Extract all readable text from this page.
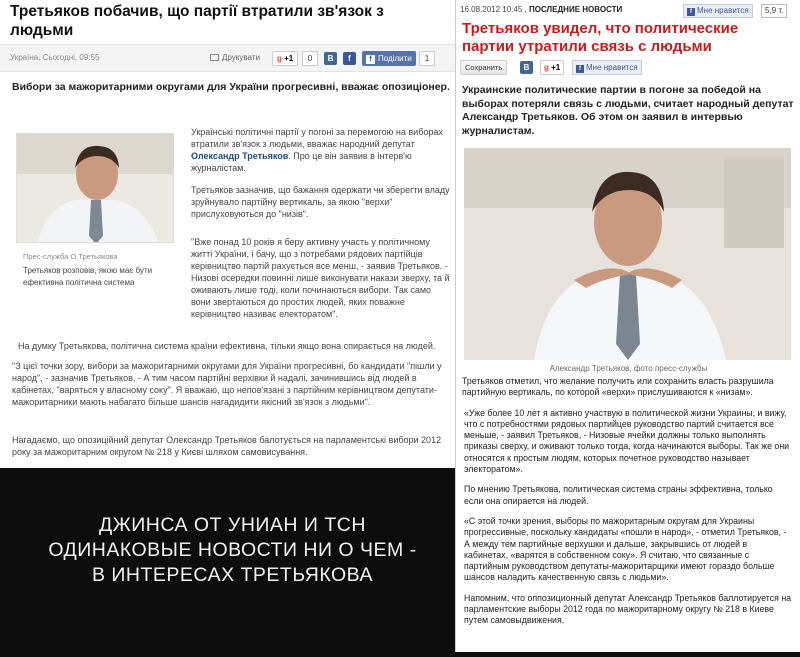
Третьяков побачив, що партії втратили зв'язок з людьми
Україна, Сьогодні, 09:55	Друкувати	g +1	0	В	f	f Поділити	1
Вибори за мажоритарними округами для України прогресивні, вважає опозиціонер.
Прес-служба О.Третьякова
Третьяков розповів, якою має бути ефективна політична система

Українські політичні партії у погоні за перемогою на виборах втратили зв'язок з людьми, вважає народний депутат Олександр Третьяков. Про це він заявив в інтерв'ю журналістам.

Третьяков зазначив, що бажання одержати чи зберегти владу зруйнувало партійну вертикаль, за якою "верхи" прислуховуються до "низів".

"Вже понад 10 років я беру активну участь у політичному житті України, і бачу, що з потребами рядових партійців керівництво партій рахується все менш, - заявив Третьяков. - Низові осередки повинні лише виконувати накази зверху, та й оживають лише тоді, коли починаються вибори. Так само вони звертаються до простих людей, яких поважне керівництво називає електоратом".
На думку Третьякова, політична система країни ефективна, тільки якщо вона спирається на людей.
"З цієї точки зору, вибори за мажоритарними округами для України прогресивні, бо кандидати "пішли у народ", - зазначив Третьяков, - А тим часом партійні верхівки й надалі, зачинившись від людей в кабінетах, "варяться у власному соку". Я вважаю, що непов'язані з партійним керівництвом депутати-мажоритарники мають набагато більше шансів нагадидити якісний зв'язок з людьми".
Нагадаємо, що опозиційний депутат Олександр Третьяков балотується на парламентські вибори 2012 року за мажоритарним округом № 218 у Києві шляхом самовисування.
16.08.2012 10:45 , ПОСЛЕДНИЕ НОВОСТИ	f Мне нравится	5,9 т.
Третьяков увидел, что политические партии утратили связь с людьми
Сохранить	В	g +1	f Мне нравится
Украинские политические партии в погоне за победой на выборах потеряли связь с людьми, считает народный депутат Александр Третьяков. Об этом он заявил в интервью журналистам.
Александр Третьяков, фото пресс-службы

Третьяков отметил, что желание получить или сохранить власть разрушила партийную вертикаль, по которой «верхи» прислушиваются к «низам».

«Уже более 10 лет я активно участвую в политической жизни Украины, и вижу, что с потребностями рядовых партийцев руководство партий считается все меньше, - заявил Третьяков, - Низовые ячейки должны только выполнять приказы сверху, и оживают только тогда, когда начинаются выборы. Так же они относятся к простым людям, которых почетное руководство называет электоратом».

По мнению Третьякова, политическая система страны эффективна, только если она опирается на людей.

«С этой точки зрения, выборы по мажоритарным округам для Украины прогрессивные, поскольку кандидаты «пошли в народ», - отметил Третьяков, - А между тем партийные верхушки и дальше, закрывшись от людей в кабинетах, «варятся в собственном соку». Я считаю, что связанные с партийным руководством депутаты-мажоритарщики имеют гораздо больше шансов наладить качественную связь с людьми».

Напомним, что оппозиционный депутат Александр Третьяков баллотируется на парламентские выборы 2012 года по мажоритарному округу № 218 в Киеве путем самовыдвижения.

ДЖИНСА ОТ УНИАН И ТСН
ОДИНАКОВЫЕ НОВОСТИ НИ О ЧЕМ -
В ИНТЕРЕСАХ ТРЕТЬЯКОВА
